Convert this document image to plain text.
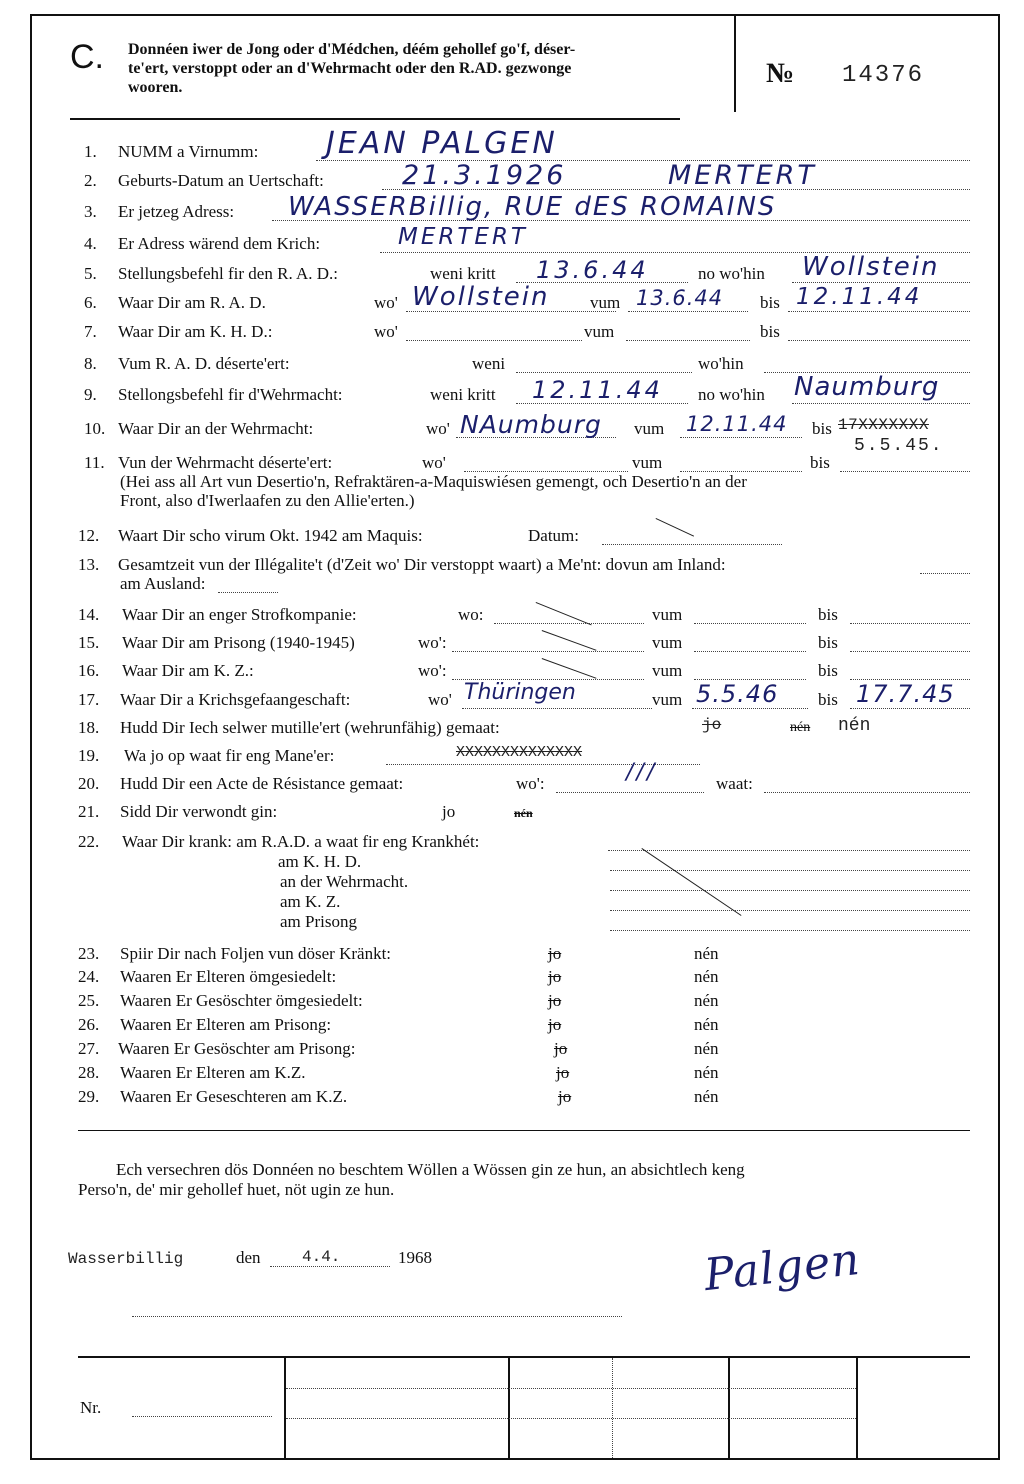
C. Donnéen iwer de Jong oder d'Médchen, déém gehollef go'f, déser-
te'ert, verstoppt oder an d'Wehrmacht oder den R.AD. gezwonge
wooren.	№ 14376
1. NUMM a Virnumm: JEAN PALGEN
2. Geburts-Datum an Uertschaft:	21.3.1926	MERTERT
3. Er jetzeg Adress: WASSERBillig, RUE dES ROMAINS
4. Er Adress wärend dem Krich:	MERTERT
5. Stellungsbefehl fir den R. A. D.:	weni kritt 13.6.44	no wo'hin Wollstein
6. Waar Dir am R. A. D.	wo' Wollstein vum 13.6.44 bis 12.11.44
7. Waar Dir am K. H. D.:	wo'	vum	bis
8. Vum R. A. D. déserte'ert:	weni	wo'hin
9. Stellongsbefehl fir d'Wehrmacht:	weni kritt 12.11.44 no wo'hin Naumburg
10. Waar Dir an der Wehrmacht:	wo' NAumburg vum 12.11.44 bis 17XXXXXXX
5.5.45.
11. Vun der Wehrmacht déserte'ert:	wo'	vum	bis
(Hei ass all Art vun Desertio'n, Refraktären-a-Maquiswiésen gemengt, och Desertio'n an der
Front, also d'Iwerlaafen zu den Allie'erten.)
12. Waart Dir scho virum Okt. 1942 am Maquis:	Datum:
13. Gesamtzeit vun der Illégalite't (d'Zeit wo' Dir verstoppt waart) a Me'nt: dovun am Inland:
am Ausland:
14. Waar Dir an enger Strofkompanie:	wo:	vum	bis
15. Waar Dir am Prisong (1940-1945)	wo':	vum	bis
16. Waar Dir am K. Z.:	wo':	vum	bis
17. Waar Dir a Krichsgefaangeschaft:	wo' Thüringen	vum 5.5.46 bis 17.7.45
18. Hudd Dir Iech selwer mutille'ert (wehrunfähig) gemaat:	jo	nén nén
19. Wa jo op waat fir eng Mane'er:	XXXXXXXXXXXXXX
20. Hudd Dir een Acte de Résistance gemaat:	wo':	///	waat:
21. Sidd Dir verwondt gin:	jo	nén
22. Waar Dir krank: am R.A.D. a waat fir eng Krankhét:
am K. H. D.
an der Wehrmacht.
am K. Z.
am Prisong
23. Spiir Dir nach Foljen vun döser Kränkt:	jo	nén
24. Waaren Er Elteren ömgesiedelt:	jo	nén
25. Waaren Er Gesöschter ömgesiedelt:	jo	nén
26. Waaren Er Elteren am Prisong:	jo	nén
27. Waaren Er Gesöschter am Prisong:	jo	nén
28. Waaren Er Elteren am K.Z.	jo	nén
29. Waaren Er Geseschteren am K.Z.	jo	nén
Ech versechren dös Donnéen no beschtem Wöllen a Wössen gin ze hun, an absichtlech keng
Perso'n, de' mir gehollef huet, nöt ugin ze hun.
Wasserbillig	den	4.4.	1968	Palgen
Nr.
